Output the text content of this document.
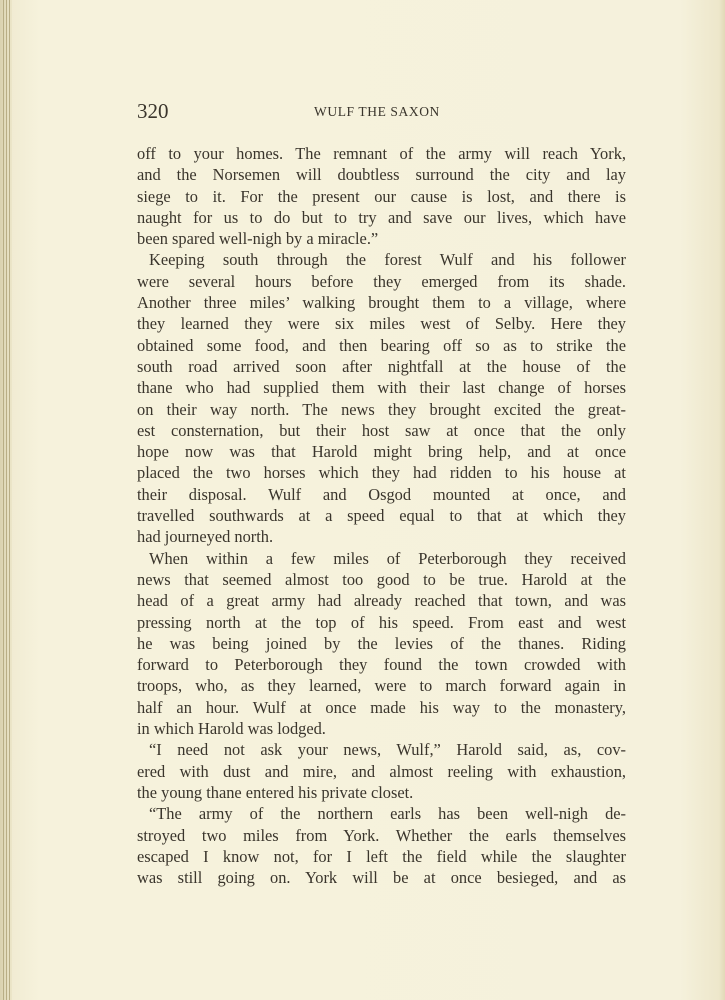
320	WULF THE SAXON
off to your homes. The remnant of the army will reach York,
and the Norsemen will doubtless surround the city and lay
siege to it. For the present our cause is lost, and there is
naught for us to do but to try and save our lives, which have
been spared well-nigh by a miracle.”
Keeping south through the forest Wulf and his follower
were several hours before they emerged from its shade.
Another three miles’ walking brought them to a village, where
they learned they were six miles west of Selby. Here they
obtained some food, and then bearing off so as to strike the
south road arrived soon after nightfall at the house of the
thane who had supplied them with their last change of horses
on their way north. The news they brought excited the great-
est consternation, but their host saw at once that the only
hope now was that Harold might bring help, and at once
placed the two horses which they had ridden to his house at
their disposal. Wulf and Osgod mounted at once, and
travelled southwards at a speed equal to that at which they
had journeyed north.
When within a few miles of Peterborough they received
news that seemed almost too good to be true. Harold at the
head of a great army had already reached that town, and was
pressing north at the top of his speed. From east and west
he was being joined by the levies of the thanes. Riding
forward to Peterborough they found the town crowded with
troops, who, as they learned, were to march forward again in
half an hour. Wulf at once made his way to the monastery,
in which Harold was lodged.
“I need not ask your news, Wulf,” Harold said, as, cov-
ered with dust and mire, and almost reeling with exhaustion,
the young thane entered his private closet.
“The army of the northern earls has been well-nigh de-
stroyed two miles from York. Whether the earls themselves
escaped I know not, for I left the field while the slaughter
was still going on. York will be at once besieged, and as
